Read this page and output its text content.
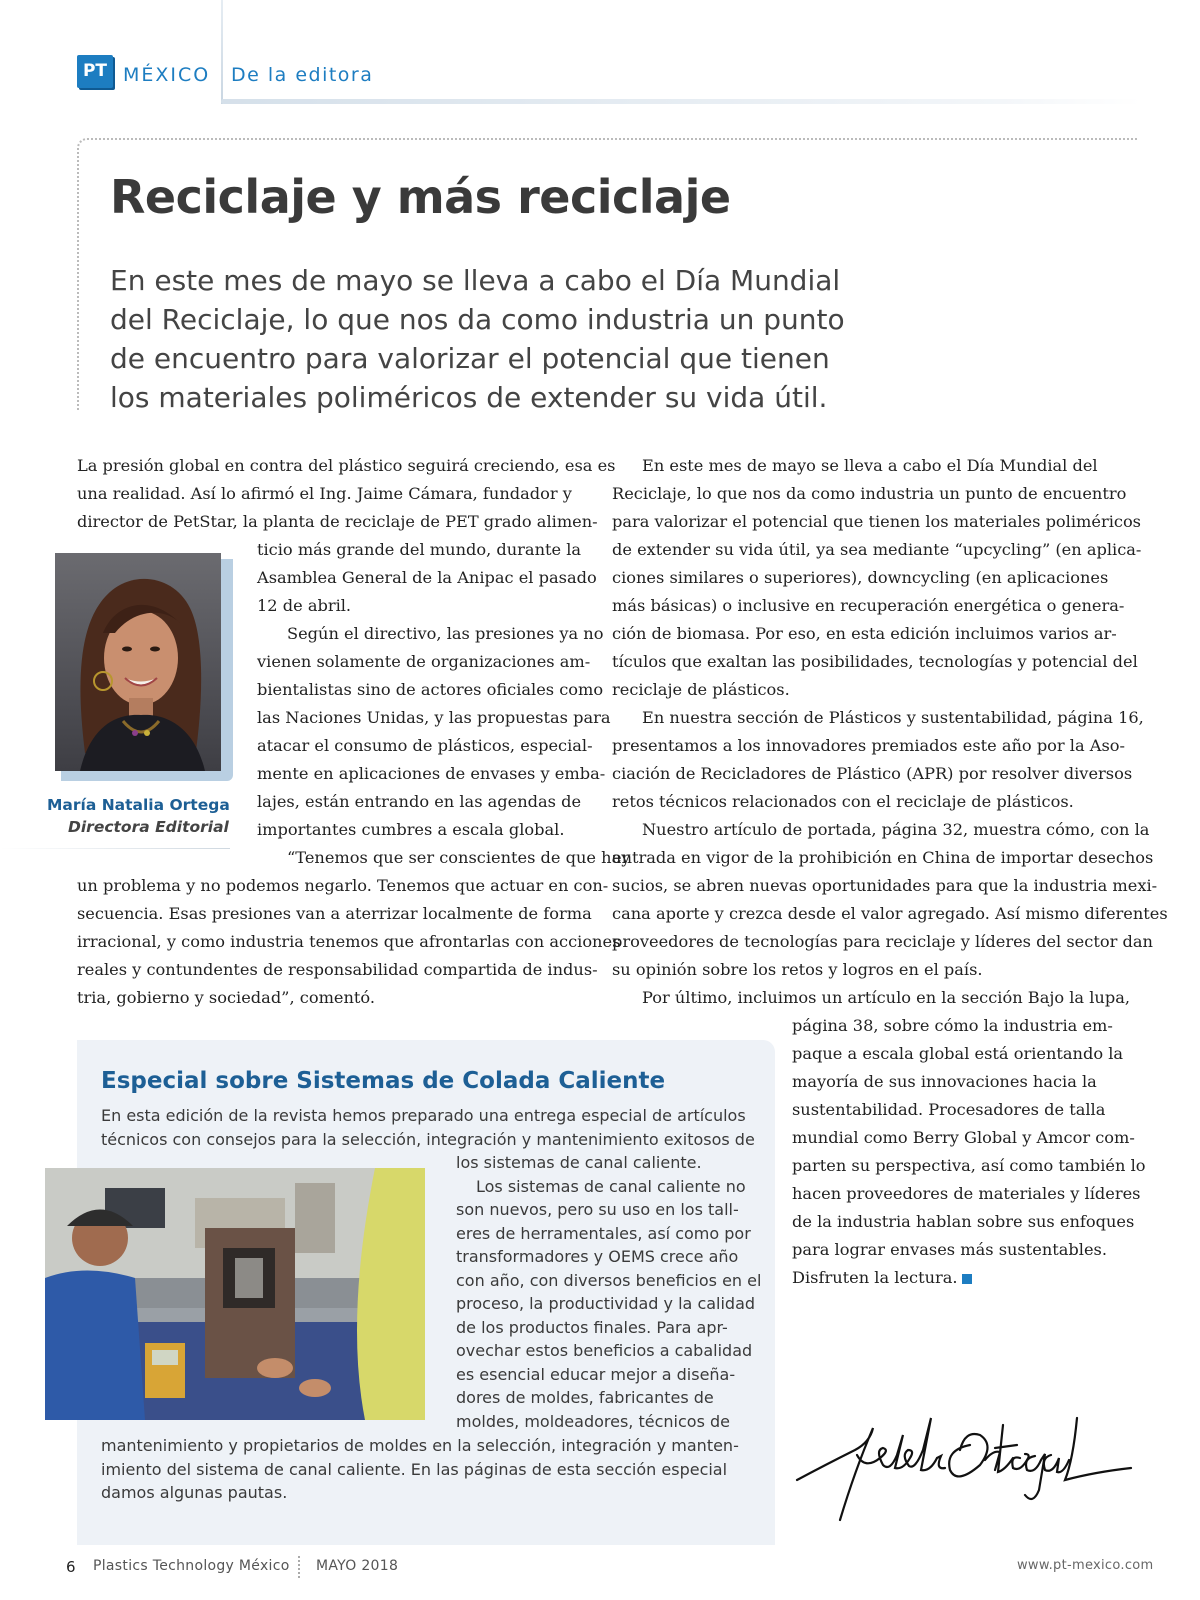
PT MÉXICO De la editora
Reciclaje y más reciclaje
En este mes de mayo se lleva a cabo el Día Mundial
del Reciclaje, lo que nos da como industria un punto
de encuentro para valorizar el potencial que tienen
los materiales poliméricos de extender su vida útil.

La presión global en contra del plástico seguirá creciendo, esa es

una realidad. Así lo afirmó el Ing. Jaime Cámara, fundador y

director de PetStar, la planta de reciclaje de PET grado alimen-

ticio más grande del mundo, durante la

Asamblea General de la Anipac el pasado

12 de abril.

Según el directivo, las presiones ya no

vienen solamente de organizaciones am-

bientalistas sino de actores oficiales como

las Naciones Unidas, y las propuestas para

atacar el consumo de plásticos, especial-

mente en aplicaciones de envases y emba-

lajes, están entrando en las agendas de

importantes cumbres a escala global.

“Tenemos que ser conscientes de que hay

un problema y no podemos negarlo. Tenemos que actuar en con-

secuencia. Esas presiones van a aterrizar localmente de forma

irracional, y como industria tenemos que afrontarlas con acciones

reales y contundentes de responsabilidad compartida de indus-

tria, gobierno y sociedad”, comentó.

María Natalia Ortega
Directora Editorial

En este mes de mayo se lleva a cabo el Día Mundial del

Reciclaje, lo que nos da como industria un punto de encuentro

para valorizar el potencial que tienen los materiales poliméricos

de extender su vida útil, ya sea mediante “upcycling” (en aplica-

ciones similares o superiores), downcycling (en aplicaciones

más básicas) o inclusive en recuperación energética o genera-

ción de biomasa. Por eso, en esta edición incluimos varios ar-

tículos que exaltan las posibilidades, tecnologías y potencial del

reciclaje de plásticos.

En nuestra sección de Plásticos y sustentabilidad, página 16,

presentamos a los innovadores premiados este año por la Aso-

ciación de Recicladores de Plástico (APR) por resolver diversos

retos técnicos relacionados con el reciclaje de plásticos.

Nuestro artículo de portada, página 32, muestra cómo, con la

entrada en vigor de la prohibición en China de importar desechos

sucios, se abren nuevas oportunidades para que la industria mexi-

cana aporte y crezca desde el valor agregado. Así mismo diferentes

proveedores de tecnologías para reciclaje y líderes del sector dan

su opinión sobre los retos y logros en el país.

Por último, incluimos un artículo en la sección Bajo la lupa,

página 38, sobre cómo la industria em-

paque a escala global está orientando la

mayoría de sus innovaciones hacia la

sustentabilidad. Procesadores de talla

mundial como Berry Global y Amcor com-

parten su perspectiva, así como también lo

hacen proveedores de materiales y líderes

de la industria hablan sobre sus enfoques

para lograr envases más sustentables.

Disfruten la lectura.

Especial sobre Sistemas de Colada Caliente

En esta edición de la revista hemos preparado una entrega especial de artículos

técnicos con consejos para la selección, integración y mantenimiento exitosos de

los sistemas de canal caliente.

Los sistemas de canal caliente no

son nuevos, pero su uso en los tall-

eres de herramentales, así como por

transformadores y OEMS crece año

con año, con diversos beneficios en el

proceso, la productividad y la calidad

de los productos finales. Para apr-

ovechar estos beneficios a cabalidad

es esencial educar mejor a diseña-

dores de moldes, fabricantes de

moldes, moldeadores, técnicos de

mantenimiento y propietarios de moldes en la selección, integración y manten-

imiento del sistema de canal caliente. En las páginas de esta sección especial

damos algunas pautas.

6 Plastics Technology México MAYO 2018	www.pt-mexico.com
